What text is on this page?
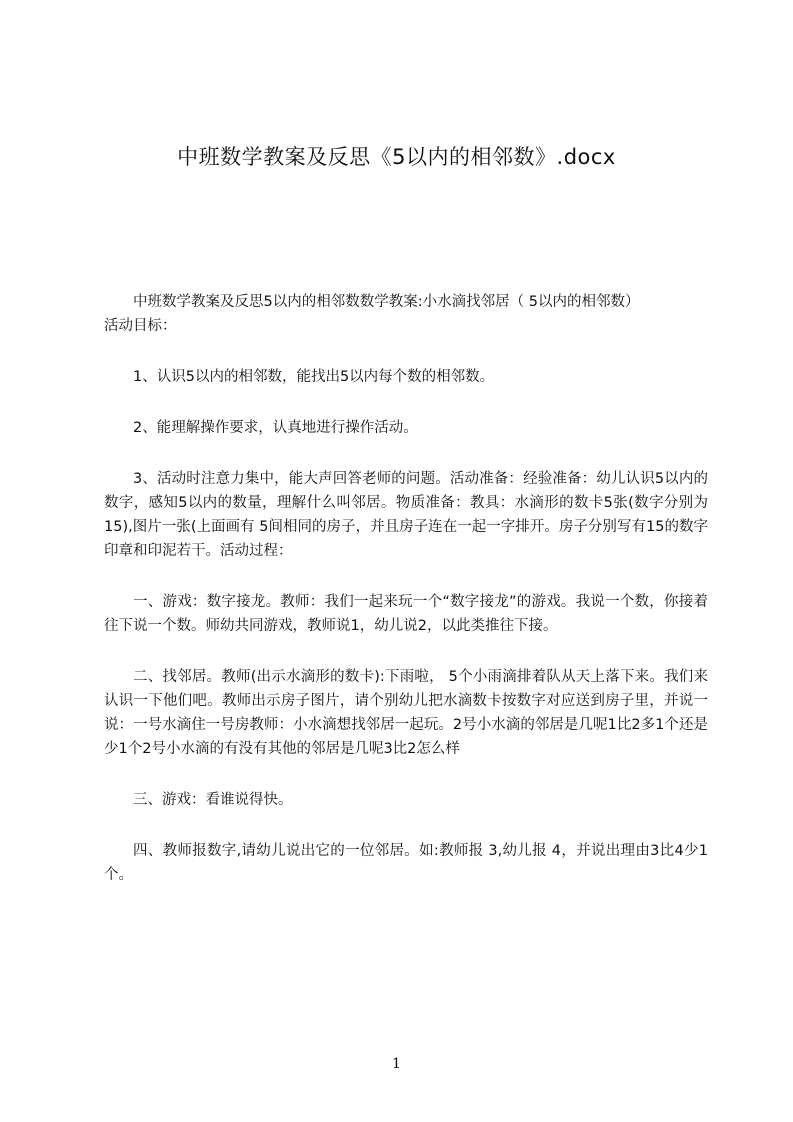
中班数学教案及反思《5以内的相邻数》.docx

中班数学教案及反思5以内的相邻数数学教案:小水滴找邻居（ 5以内的相邻数）

活动目标：

1、认识5以内的相邻数，能找出5以内每个数的相邻数。

2、能理解操作要求，认真地进行操作活动。

3、活动时注意力集中，能大声回答老师的问题。活动准备：经验准备：幼儿认识5以内的数字，感知5以内的数量，理解什么叫邻居。物质准备：教具：水滴形的数卡5张(数字分别为 15),图片一张(上面画有 5间相同的房子，并且房子连在一起一字排开。房子分别写有15的数字印章和印泥若干。活动过程：

一、游戏：数字接龙。教师：我们一起来玩一个“数字接龙”的游戏。我说一个数，你接着往下说一个数。师幼共同游戏，教师说1，幼儿说2，以此类推往下接。

二、找邻居。教师(出示水滴形的数卡):下雨啦， 5个小雨滴排着队从天上落下来。我们来认识一下他们吧。教师出示房子图片，请个别幼儿把水滴数卡按数字对应送到房子里，并说一说：一号水滴住一号房教师：小水滴想找邻居一起玩。2号小水滴的邻居是几呢1比2多1个还是少1个2号小水滴的有没有其他的邻居是几呢3比2怎么样

三、游戏：看谁说得快。

四、教师报数字,请幼儿说出它的一位邻居。如:教师报 3,幼儿报 4，并说出理由3比4少1个。

1
